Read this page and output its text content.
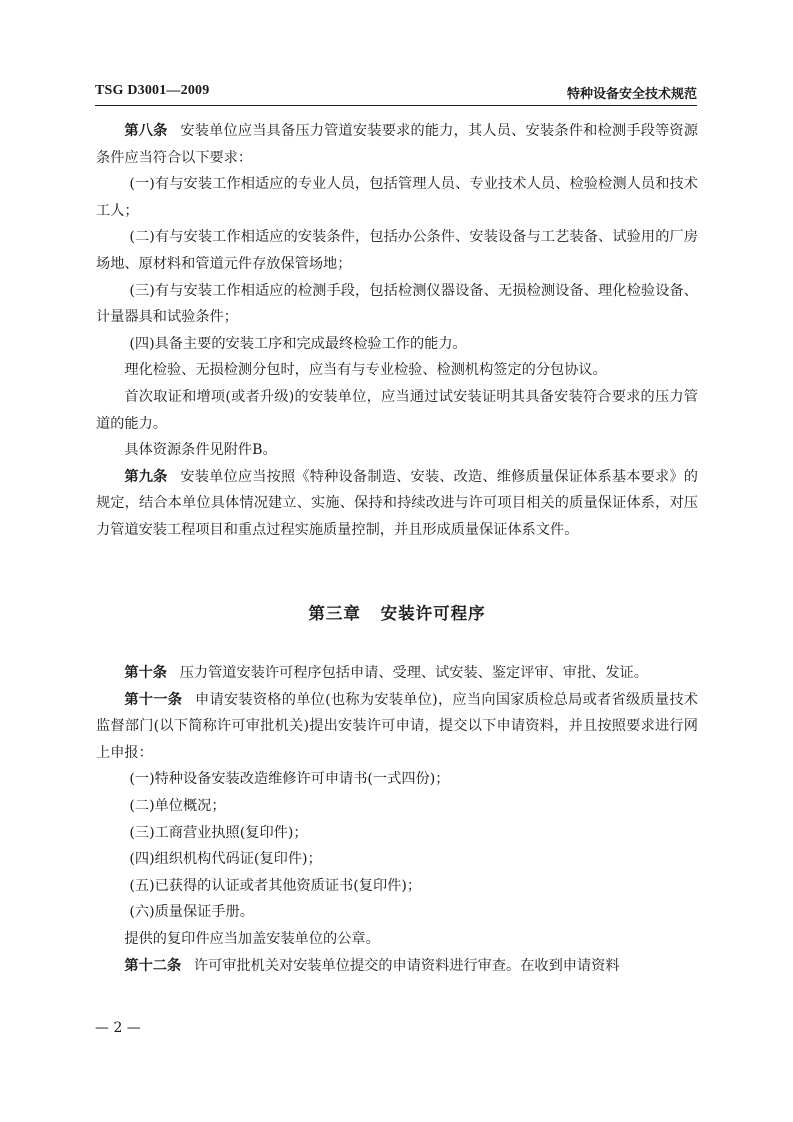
TSG D3001—2009	特种设备安全技术规范

第八条 安装单位应当具备压力管道安装要求的能力，其人员、安装条件和检测手段等资源条件应当符合以下要求：

(一)有与安装工作相适应的专业人员，包括管理人员、专业技术人员、检验检测人员和技术工人；

(二)有与安装工作相适应的安装条件，包括办公条件、安装设备与工艺装备、试验用的厂房场地、原材料和管道元件存放保管场地；

(三)有与安装工作相适应的检测手段，包括检测仪器设备、无损检测设备、理化检验设备、计量器具和试验条件；

(四)具备主要的安装工序和完成最终检验工作的能力。

理化检验、无损检测分包时，应当有与专业检验、检测机构签定的分包协议。

首次取证和增项(或者升级)的安装单位，应当通过试安装证明其具备安装符合要求的压力管道的能力。

具体资源条件见附件B。

第九条 安装单位应当按照《特种设备制造、安装、改造、维修质量保证体系基本要求》的规定，结合本单位具体情况建立、实施、保持和持续改进与许可项目相关的质量保证体系，对压力管道安装工程项目和重点过程实施质量控制，并且形成质量保证体系文件。

第三章 安装许可程序

第十条 压力管道安装许可程序包括申请、受理、试安装、鉴定评审、审批、发证。

第十一条 申请安装资格的单位(也称为安装单位)，应当向国家质检总局或者省级质量技术监督部门(以下简称许可审批机关)提出安装许可申请，提交以下申请资料，并且按照要求进行网上申报：

(一)特种设备安装改造维修许可申请书(一式四份)；

(二)单位概况；

(三)工商营业执照(复印件)；

(四)组织机构代码证(复印件)；

(五)已获得的认证或者其他资质证书(复印件)；

(六)质量保证手册。

提供的复印件应当加盖安装单位的公章。

第十二条 许可审批机关对安装单位提交的申请资料进行审查。在收到申请资料

— 2 —
